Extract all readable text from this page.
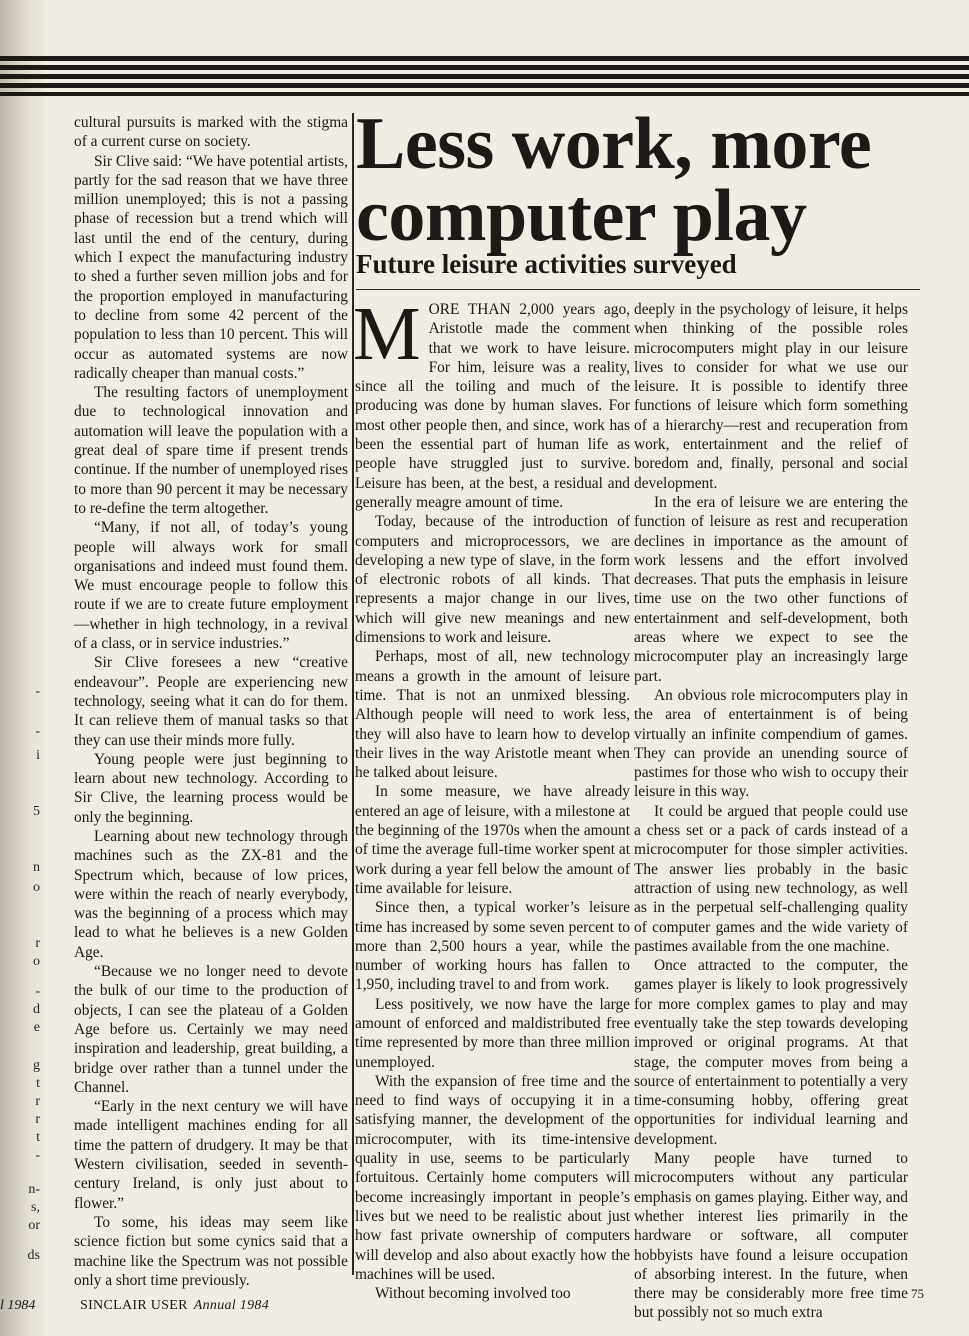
-
-
i
5
n
o
r
o
-
d
e
g
t
r
r
t
-
n-
s,
or
ds

cultural pursuits is marked with the stigma of a current curse on society.

Sir Clive said: “We have potential artists, partly for the sad reason that we have three million unemployed; this is not a passing phase of recession but a trend which will last until the end of the century, during which I expect the manufacturing industry to shed a further seven million jobs and for the proportion employed in manufacturing to decline from some 42 percent of the population to less than 10 percent. This will occur as automated systems are now radically cheaper than manual costs.”

The resulting factors of unemployment due to technological innovation and automation will leave the population with a great deal of spare time if present trends continue. If the number of unemployed rises to more than 90 percent it may be necessary to re-define the term altogether.

“Many, if not all, of today’s young people will always work for small organisations and indeed must found them. We must encourage people to follow this route if we are to create future employment—whether in high technology, in a revival of a class, or in service industries.”

Sir Clive foresees a new “creative endeavour”. People are experiencing new technology, seeing what it can do for them. It can relieve them of manual tasks so that they can use their minds more fully.

Young people were just beginning to learn about new technology. According to Sir Clive, the learning process would be only the beginning.

Learning about new technology through machines such as the ZX-81 and the Spectrum which, because of low prices, were within the reach of nearly everybody, was the beginning of a process which may lead to what he believes is a new Golden Age.

“Because we no longer need to devote the bulk of our time to the production of objects, I can see the plateau of a Golden Age before us. Certainly we may need inspiration and leadership, great building, a bridge over rather than a tunnel under the Channel.

“Early in the next century we will have made intelligent machines ending for all time the pattern of drudgery. It may be that Western civilisation, seeded in seventh-century Ireland, is only just about to flower.”

To some, his ideas may seem like science fiction but some cynics said that a machine like the Spectrum was not possible only a short time previously.

Less work, more computer play
Future leisure activities surveyed

MORE THAN 2,000 years ago, Aristotle made the comment that we work to have leisure. For him, leisure was a reality, since all the toiling and much of the producing was done by human slaves. For most other people then, and since, work has been the essential part of human life as people have struggled just to survive. Leisure has been, at the best, a residual and generally meagre amount of time.

Today, because of the introduction of computers and microprocessors, we are developing a new type of slave, in the form of electronic robots of all kinds. That represents a major change in our lives, which will give new meanings and new dimensions to work and leisure.

Perhaps, most of all, new technology means a growth in the amount of leisure time. That is not an unmixed blessing. Although people will need to work less, they will also have to learn how to develop their lives in the way Aristotle meant when he talked about leisure.

In some measure, we have already entered an age of leisure, with a milestone at the beginning of the 1970s when the amount of time the average full-time worker spent at work during a year fell below the amount of time available for leisure.

Since then, a typical worker’s leisure time has increased by some seven percent to more than 2,500 hours a year, while the number of working hours has fallen to 1,950, including travel to and from work.

Less positively, we now have the large amount of enforced and maldistributed free time represented by more than three million unemployed.

With the expansion of free time and the need to find ways of occupying it in a satisfying manner, the development of the microcomputer, with its time-intensive quality in use, seems to be particularly fortuitous. Certainly home computers will become increasingly important in people’s lives but we need to be realistic about just how fast private ownership of computers will develop and also about exactly how the machines will be used.

Without becoming involved too

deeply in the psychology of leisure, it helps when thinking of the possible roles microcomputers might play in our leisure lives to consider for what we use our leisure. It is possible to identify three functions of leisure which form something of a hierarchy—rest and recuperation from work, entertainment and the relief of boredom and, finally, personal and social development.

In the era of leisure we are entering the function of leisure as rest and recuperation declines in importance as the amount of work lessens and the effort involved decreases. That puts the emphasis in leisure time use on the two other functions of entertainment and self-development, both areas where we expect to see the microcomputer play an increasingly large part.

An obvious role microcomputers play in the area of entertainment is of being virtually an infinite compendium of games. They can provide an unending source of pastimes for those who wish to occupy their leisure in this way.

It could be argued that people could use a chess set or a pack of cards instead of a microcomputer for those simpler activities. The answer lies probably in the basic attraction of using new technology, as well as in the perpetual self-challenging quality of computer games and the wide variety of pastimes available from the one machine.

Once attracted to the computer, the games player is likely to look progressively for more complex games to play and may eventually take the step towards developing improved or original programs. At that stage, the computer moves from being a source of entertainment to potentially a very time-consuming hobby, offering great opportunities for individual learning and development.

Many people have turned to microcomputers without any particular emphasis on games playing. Either way, and whether interest lies primarily in the hardware or software, all computer hobbyists have found a leisure occupation of absorbing interest. In the future, when there may be considerably more free time but possibly not so much extra

l 1984	SINCLAIR USER Annual 1984
75
